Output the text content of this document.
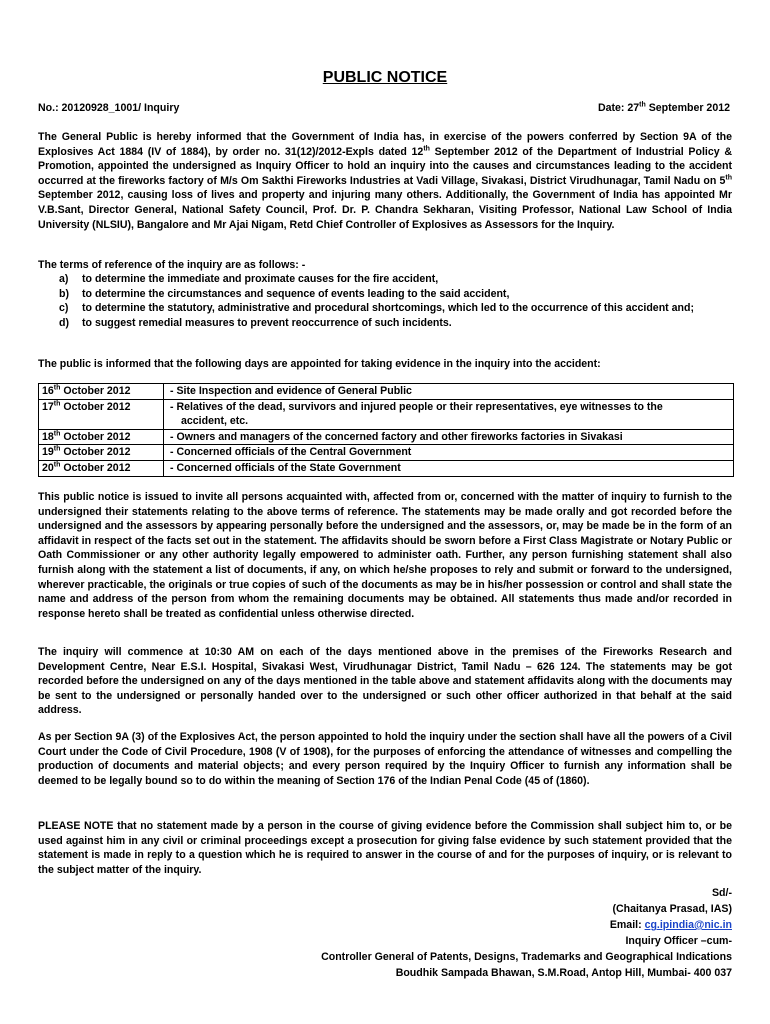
PUBLIC NOTICE
No.: 20120928_1001/ Inquiry	Date: 27th September 2012

The General Public is hereby informed that the Government of India has, in exercise of the powers conferred by Section 9A of the Explosives Act 1884 (IV of 1884), by order no. 31(12)/2012-Expls dated 12th September 2012 of the Department of Industrial Policy & Promotion, appointed the undersigned as Inquiry Officer to hold an inquiry into the causes and circumstances leading to the accident occurred at the fireworks factory of M/s Om Sakthi Fireworks Industries at Vadi Village, Sivakasi, District Virudhunagar, Tamil Nadu on 5th September 2012, causing loss of lives and property and injuring many others. Additionally, the Government of India has appointed Mr V.B.Sant, Director General, National Safety Council, Prof. Dr. P. Chandra Sekharan, Visiting Professor, National Law School of India University (NLSIU), Bangalore and Mr Ajai Nigam, Retd Chief Controller of Explosives as Assessors for the Inquiry.

The terms of reference of the inquiry are as follows: -

a) to determine the immediate and proximate causes for the fire accident,
b) to determine the circumstances and sequence of events leading to the said accident,
c) to determine the statutory, administrative and procedural shortcomings, which led to the occurrence of this accident and;
d) to suggest remedial measures to prevent reoccurrence of such incidents.

The public is informed that the following days are appointed for taking evidence in the inquiry into the accident:

16th October 2012	- Site Inspection and evidence of General Public
17th October 2012	- Relatives of the dead, survivors and injured people or their representatives, eye witnesses to the
accident, etc.

18th October 2012	- Owners and managers of the concerned factory and other fireworks factories in Sivakasi
19th October 2012	- Concerned officials of the Central Government
20th October 2012	- Concerned officials of the State Government

This public notice is issued to invite all persons acquainted with, affected from or, concerned with the matter of inquiry to furnish to the undersigned their statements relating to the above terms of reference. The statements may be made orally and got recorded before the undersigned and the assessors by appearing personally before the undersigned and the assessors, or, may be made be in the form of an affidavit in respect of the facts set out in the statement. The affidavits should be sworn before a First Class Magistrate or Notary Public or Oath Commissioner or any other authority legally empowered to administer oath. Further, any person furnishing statement shall also furnish along with the statement a list of documents, if any, on which he/she proposes to rely and submit or forward to the undersigned, wherever practicable, the originals or true copies of such of the documents as may be in his/her possession or control and shall state the name and address of the person from whom the remaining documents may be obtained. All statements thus made and/or recorded in response hereto shall be treated as confidential unless otherwise directed.

The inquiry will commence at 10:30 AM on each of the days mentioned above in the premises of the Fireworks Research and Development Centre, Near E.S.I. Hospital, Sivakasi West, Virudhunagar District, Tamil Nadu – 626 124. The statements may be got recorded before the undersigned on any of the days mentioned in the table above and statement affidavits along with the documents may be sent to the undersigned or personally handed over to the undersigned or such other officer authorized in that behalf at the said address.

As per Section 9A (3) of the Explosives Act, the person appointed to hold the inquiry under the section shall have all the powers of a Civil Court under the Code of Civil Procedure, 1908 (V of 1908), for the purposes of enforcing the attendance of witnesses and compelling the production of documents and material objects; and every person required by the Inquiry Officer to furnish any information shall be deemed to be legally bound so to do within the meaning of Section 176 of the Indian Penal Code (45 of (1860).

PLEASE NOTE that no statement made by a person in the course of giving evidence before the Commission shall subject him to, or be used against him in any civil or criminal proceedings except a prosecution for giving false evidence by such statement provided that the statement is made in reply to a question which he is required to answer in the course of and for the purposes of inquiry, or is relevant to the subject matter of the inquiry.

Sd/-
(Chaitanya Prasad, IAS)
Email: cg.ipindia@nic.in
Inquiry Officer –cum-
Controller General of Patents, Designs, Trademarks and Geographical Indications
Boudhik Sampada Bhawan, S.M.Road, Antop Hill, Mumbai- 400 037
